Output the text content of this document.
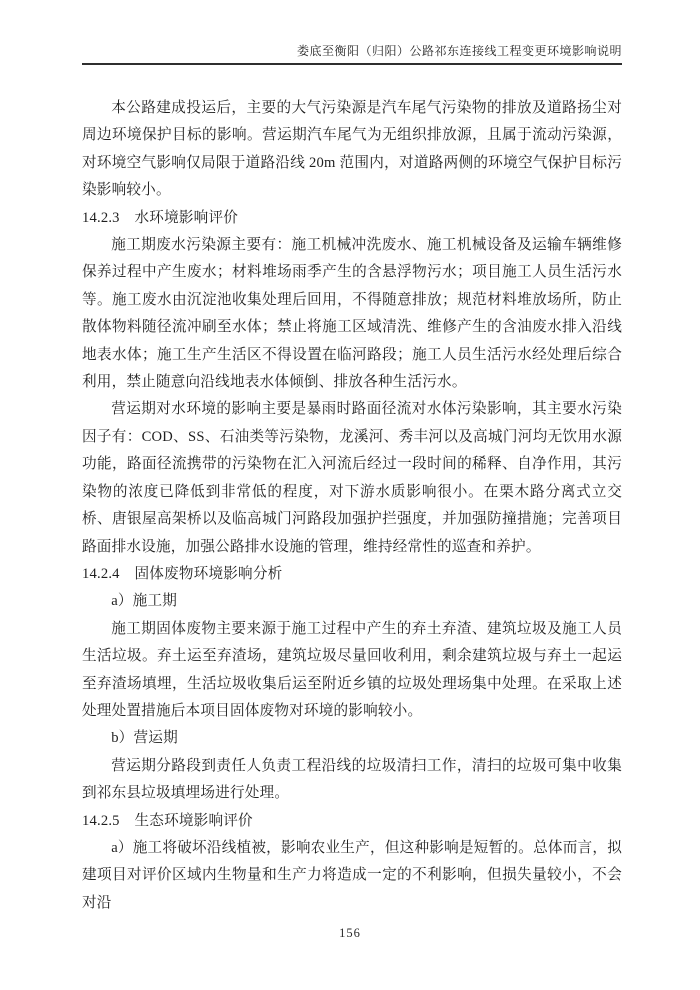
娄底至衡阳（归阳）公路祁东连接线工程变更环境影响说明

本公路建成投运后，主要的大气污染源是汽车尾气污染物的排放及道路扬尘对周边环境保护目标的影响。营运期汽车尾气为无组织排放源，且属于流动污染源，对环境空气影响仅局限于道路沿线 20m 范围内，对道路两侧的环境空气保护目标污染影响较小。

14.2.3　水环境影响评价

施工期废水污染源主要有：施工机械冲洗废水、施工机械设备及运输车辆维修保养过程中产生废水；材料堆场雨季产生的含悬浮物污水；项目施工人员生活污水等。施工废水由沉淀池收集处理后回用，不得随意排放；规范材料堆放场所，防止散体物料随径流冲刷至水体；禁止将施工区域清洗、维修产生的含油废水排入沿线地表水体；施工生产生活区不得设置在临河路段；施工人员生活污水经处理后综合利用，禁止随意向沿线地表水体倾倒、排放各种生活污水。

营运期对水环境的影响主要是暴雨时路面径流对水体污染影响，其主要水污染因子有：COD、SS、石油类等污染物，龙溪河、秀丰河以及高城门河均无饮用水源功能，路面径流携带的污染物在汇入河流后经过一段时间的稀释、自净作用，其污染物的浓度已降低到非常低的程度，对下游水质影响很小。在栗木路分离式立交桥、唐银屋高架桥以及临高城门河路段加强护拦强度，并加强防撞措施；完善项目路面排水设施，加强公路排水设施的管理，维持经常性的巡查和养护。

14.2.4　固体废物环境影响分析

a）施工期

施工期固体废物主要来源于施工过程中产生的弃土弃渣、建筑垃圾及施工人员生活垃圾。弃土运至弃渣场，建筑垃圾尽量回收利用，剩余建筑垃圾与弃土一起运至弃渣场填埋，生活垃圾收集后运至附近乡镇的垃圾处理场集中处理。在采取上述处理处置措施后本项目固体废物对环境的影响较小。

b）营运期

营运期分路段到责任人负责工程沿线的垃圾清扫工作，清扫的垃圾可集中收集到祁东县垃圾填埋场进行处理。

14.2.5　生态环境影响评价

a）施工将破坏沿线植被，影响农业生产，但这种影响是短暂的。总体而言，拟建项目对评价区域内生物量和生产力将造成一定的不利影响，但损失量较小，不会对沿

156
